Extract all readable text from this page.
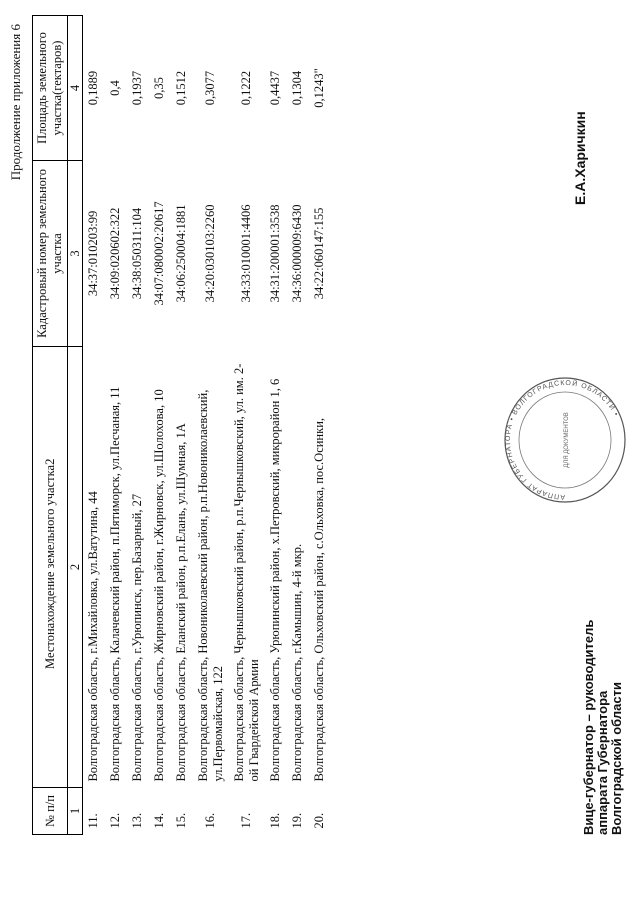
2
Продолжение приложения 6
№ п/п	Местонахождение земельного участка	Кадастровый номер земельного участка	Площадь земельного участка(гектаров)
1	2	3	4
11.	Волгоградская область, г.Михайловка, ул.Ватутина, 44	34:37:010203:99	0,1889
12.	Волгоградская область, Калачевский район, п.Пятиморск, ул.Песчаная, 11	34:09:020602:322	0,4
13.	Волгоградская область, г.Урюпинск, пер.Базарный, 27	34:38:050311:104	0,1937
14.	Волгоградская область, Жирновский район, г.Жирновск, ул.Шолохова, 10	34:07:080002:20617	0,35
15.	Волгоградская область, Еланский район, р.п.Елань, ул.Шумная, 1А	34:06:250004:1881	0,1512
16.	Волгоградская область, Новониколаевский район, р.п.Новониколаевский, ул.Первомайская, 122	34:20:030103:2260	0,3077
17.	Волгоградская область, Чернышковский район, р.п.Чернышковский, ул. им. 2-ой Гвардейской Армии	34:33:010001:4406	0,1222
18.	Волгоградская область, Урюпинский район, х.Петровский, микрорайон 1, 6	34:31:200001:3538	0,4437
19.	Волгоградская область, г.Камышин, 4-й мкр.	34:36:000009:6430	0,1304
20.	Волгоградская область, Ольховский район, с.Ольховка, пос.Осинки,	34:22:060147:155	0,1243"
Вице-губернатор – руководитель аппарата Губернатора Волгоградской области
АППАРАТ ГУБЕРНАТОРА • ВОЛГОГРАДСКОЙ ОБЛАСТИ •
ДЛЯ ДОКУМЕНТОВ
Е.А.Харичкин
